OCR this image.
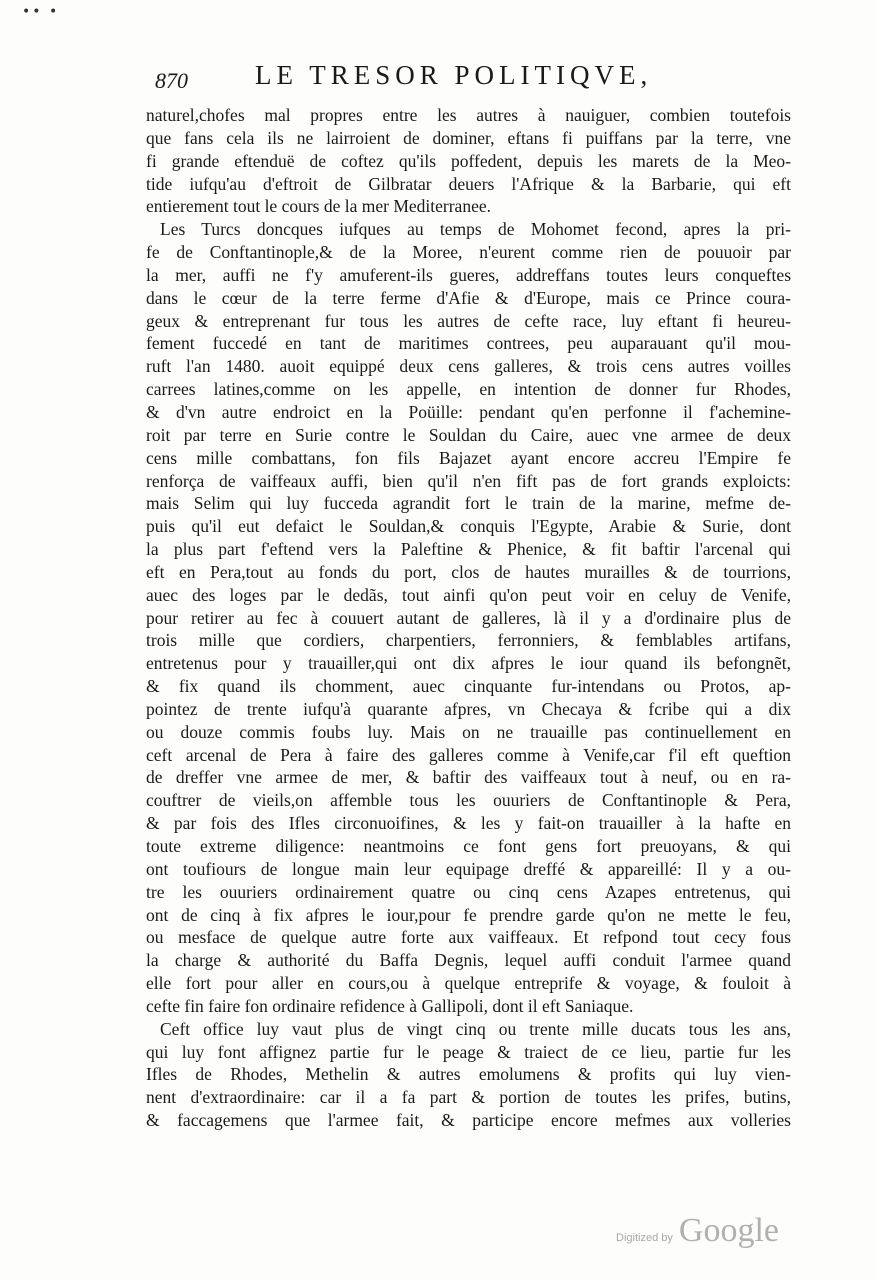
•• •
870 LE TRESOR POLITIQVE,
naturel,chofes mal propres entre les autres à nauiguer, combien toutefois
que fans cela ils ne lairroient de dominer, eftans fi puiffans par la terre, vne
fi grande eftenduë de coftez qu'ils poffedent, depuis les marets de la Meo-
tide iufqu'au d'eftroit de Gilbratar deuers l'Afrique & la Barbarie, qui eft
entierement tout le cours de la mer Mediterranee.
Les Turcs doncques iufques au temps de Mohomet fecond, apres la pri-
fe de Conftantinople,& de la Moree, n'eurent comme rien de pouuoir par
la mer, auffi ne f'y amuferent-ils gueres, addreffans toutes leurs conqueftes
dans le cœur de la terre ferme d'Afie & d'Europe, mais ce Prince coura-
geux & entreprenant fur tous les autres de cefte race, luy eftant fi heureu-
fement fuccedé en tant de maritimes contrees, peu auparauant qu'il mou-
ruft l'an 1480. auoit equippé deux cens galleres, & trois cens autres voilles
carrees latines,comme on les appelle, en intention de donner fur Rhodes,
& d'vn autre endroict en la Poüille: pendant qu'en perfonne il f'achemine-
roit par terre en Surie contre le Souldan du Caire, auec vne armee de deux
cens mille combattans, fon fils Bajazet ayant encore accreu l'Empire fe
renforça de vaiffeaux auffi, bien qu'il n'en fift pas de fort grands exploicts:
mais Selim qui luy fucceda agrandit fort le train de la marine, mefme de-
puis qu'il eut defaict le Souldan,& conquis l'Egypte, Arabie & Surie, dont
la plus part f'eftend vers la Paleftine & Phenice, & fit baftir l'arcenal qui
eft en Pera,tout au fonds du port, clos de hautes murailles & de tourrions,
auec des loges par le dedãs, tout ainfi qu'on peut voir en celuy de Venife,
pour retirer au fec à couuert autant de galleres, là il y a d'ordinaire plus de
trois mille que cordiers, charpentiers, ferronniers, & femblables artifans,
entretenus pour y trauailler,qui ont dix afpres le iour quand ils befongnẽt,
& fix quand ils chomment, auec cinquante fur-intendans ou Protos, ap-
pointez de trente iufqu'à quarante afpres, vn Checaya & fcribe qui a dix
ou douze commis foubs luy. Mais on ne trauaille pas continuellement en
ceft arcenal de Pera à faire des galleres comme à Venife,car f'il eft queftion
de dreffer vne armee de mer, & baftir des vaiffeaux tout à neuf, ou en ra-
couftrer de vieils,on affemble tous les ouuriers de Conftantinople & Pera,
& par fois des Ifles circonuoifines, & les y fait-on trauailler à la hafte en
toute extreme diligence: neantmoins ce font gens fort preuoyans, & qui
ont toufiours de longue main leur equipage dreffé & appareillé: Il y a ou-
tre les ouuriers ordinairement quatre ou cinq cens Azapes entretenus, qui
ont de cinq à fix afpres le iour,pour fe prendre garde qu'on ne mette le feu,
ou mesface de quelque autre forte aux vaiffeaux. Et refpond tout cecy fous
la charge & authorité du Baffa Degnis, lequel auffi conduit l'armee quand
elle fort pour aller en cours,ou à quelque entreprife & voyage, & fouloit à
cefte fin faire fon ordinaire refidence à Gallipoli, dont il eft Saniaque.
Ceft office luy vaut plus de vingt cinq ou trente mille ducats tous les ans,
qui luy font affignez partie fur le peage & traiect de ce lieu, partie fur les
Ifles de Rhodes, Methelin & autres emolumens & profits qui luy vien-
nent d'extraordinaire: car il a fa part & portion de toutes les prifes, butins,
& faccagemens que l'armee fait, & participe encore mefmes aux volleries
Digitized by Google
